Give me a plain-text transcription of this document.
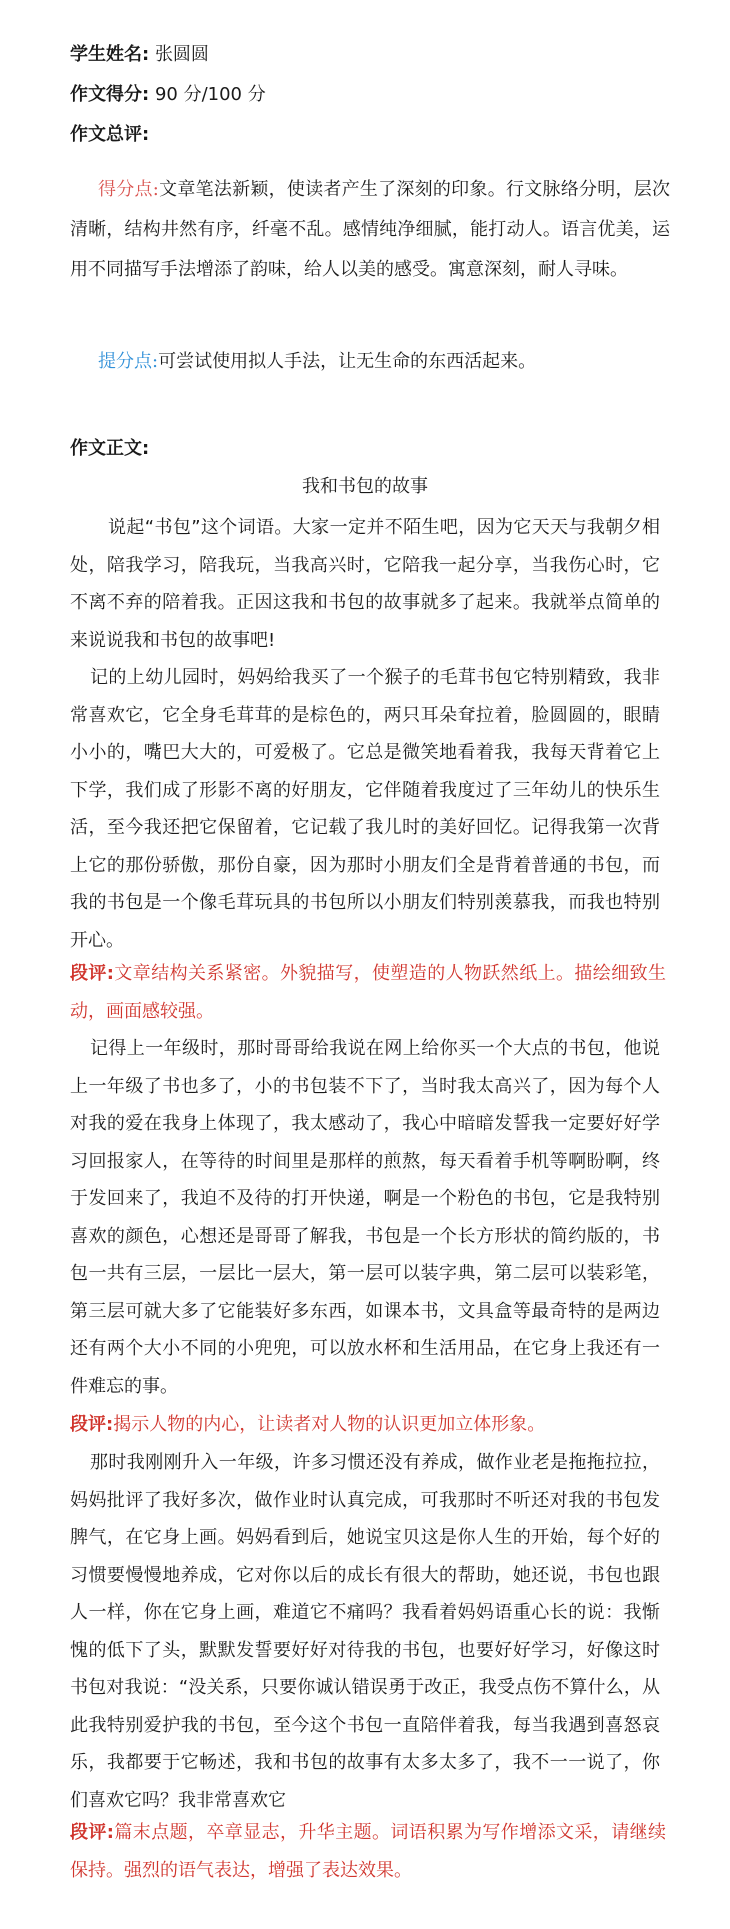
学生姓名: 张圆圆
作文得分: 90 分/100 分
作文总评:
得分点:文章笔法新颖，使读者产生了深刻的印象。行文脉络分明，层次清晰，结构井然有序，纤毫不乱。感情纯净细腻，能打动人。语言优美，运用不同描写手法增添了韵味，给人以美的感受。寓意深刻，耐人寻味。
提分点:可尝试使用拟人手法，让无生命的东西活起来。
作文正文:
我和书包的故事
说起“书包”这个词语。大家一定并不陌生吧，因为它天天与我朝夕相处，陪我学习，陪我玩，当我高兴时，它陪我一起分享，当我伤心时，它不离不弃的陪着我。正因这我和书包的故事就多了起来。我就举点简单的来说说我和书包的故事吧!
记的上幼儿园时，妈妈给我买了一个猴子的毛茸书包它特别精致，我非常喜欢它，它全身毛茸茸的是棕色的，两只耳朵耷拉着，脸圆圆的，眼睛小小的，嘴巴大大的，可爱极了。它总是微笑地看着我，我每天背着它上下学，我们成了形影不离的好朋友，它伴随着我度过了三年幼儿的快乐生活，至今我还把它保留着，它记载了我儿时的美好回忆。记得我第一次背上它的那份骄傲，那份自豪，因为那时小朋友们全是背着普通的书包，而我的书包是一个像毛茸玩具的书包所以小朋友们特别羡慕我，而我也特别开心。
段评:文章结构关系紧密。外貌描写，使塑造的人物跃然纸上。描绘细致生动，画面感较强。
记得上一年级时，那时哥哥给我说在网上给你买一个大点的书包，他说上一年级了书也多了，小的书包装不下了，当时我太高兴了，因为每个人对我的爱在我身上体现了，我太感动了，我心中暗暗发誓我一定要好好学习回报家人，在等待的时间里是那样的煎熬，每天看着手机等啊盼啊，终于发回来了，我迫不及待的打开快递，啊是一个粉色的书包，它是我特别喜欢的颜色，心想还是哥哥了解我，书包是一个长方形状的简约版的，书包一共有三层，一层比一层大，第一层可以装字典，第二层可以装彩笔，第三层可就大多了它能装好多东西，如课本书，文具盒等最奇特的是两边还有两个大小不同的小兜兜，可以放水杯和生活用品，在它身上我还有一件难忘的事。
段评:揭示人物的内心，让读者对人物的认识更加立体形象。
那时我刚刚升入一年级，许多习惯还没有养成，做作业老是拖拖拉拉，妈妈批评了我好多次，做作业时认真完成，可我那时不听还对我的书包发脾气，在它身上画。妈妈看到后，她说宝贝这是你人生的开始，每个好的习惯要慢慢地养成，它对你以后的成长有很大的帮助，她还说，书包也跟人一样，你在它身上画，难道它不痛吗？我看着妈妈语重心长的说：我惭愧的低下了头，默默发誓要好好对待我的书包，也要好好学习，好像这时书包对我说：“没关系，只要你诚认错误勇于改正，我受点伤不算什么，从此我特别爱护我的书包，至今这个书包一直陪伴着我，每当我遇到喜怒哀乐，我都要于它畅述，我和书包的故事有太多太多了，我不一一说了，你们喜欢它吗？我非常喜欢它
段评:篇末点题，卒章显志，升华主题。词语积累为写作增添文采，请继续保持。强烈的语气表达，增强了表达效果。
